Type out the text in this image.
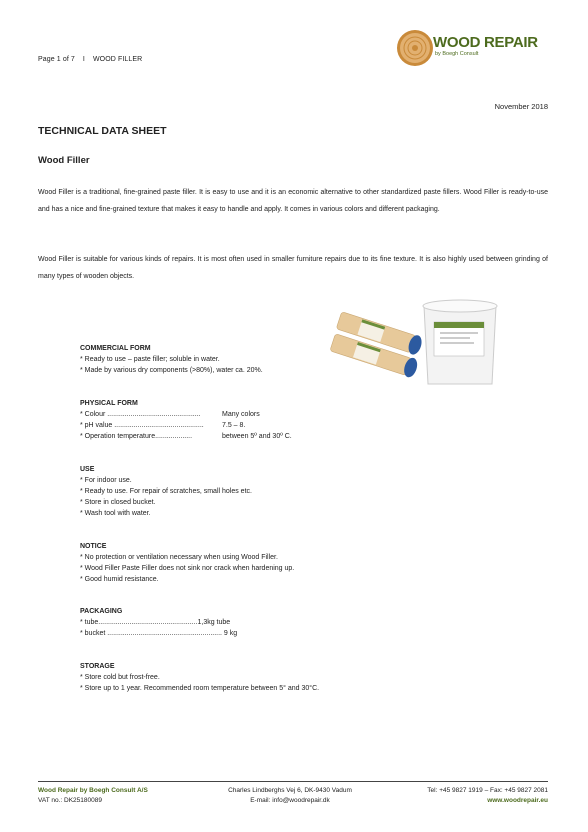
Page 1 of 7 I WOOD FILLER
WOOD REPAIR
by Boegh Consult
November 2018
TECHNICAL DATA SHEET
Wood Filler
Wood Filler is a traditional, fine-grained paste filler. It is easy to use and it is an economic alternative to other standardized paste fillers. Wood Filler is ready-to-use and has a nice and fine-grained texture that makes it easy to handle and apply. It comes in various colors and different packaging.
Wood Filler is suitable for various kinds of repairs. It is most often used in smaller furniture repairs due to its fine texture. It is also highly used between grinding of many types of wooden objects.
COMMERCIAL FORM
* Ready to use – paste filler; soluble in water.
* Made by various dry components (>80%), water ca. 20%.
PHYSICAL FORM
* Colour ................................................	Many colors
* pH value ..............................................	7.5 – 8.
* Operation temperature...................	between 5º and 30º C.
USE
* For indoor use.
* Ready to use. For repair of scratches, small holes etc.
* Store in closed bucket.
* Wash tool with water.
NOTICE
* No protection or ventilation necessary when using Wood Filler.
* Wood Filler Paste Filler does not sink nor crack when hardening up.
* Good humid resistance.
PACKAGING
* tube...................................................1,3kg tube
* bucket ........................................................... 9 kg
STORAGE
* Store cold but frost-free.
* Store up to 1 year. Recommended room temperature between 5° and 30°C.
Wood Repair by Boegh Consult A/S
VAT no.: DK25180089
Charles Lindberghs Vej 6, DK-9430 Vadum
E-mail: info@woodrepair.dk
Tel: +45 9827 1919 – Fax: +45 9827 2081
www.woodrepair.eu
